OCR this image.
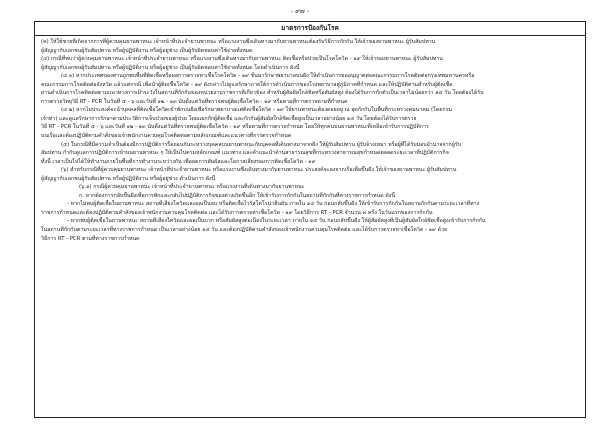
- ๙๗ -
มาตรการป้องกันโรค

(ค) ให้ใช้ชายที่เกิดจากการที่ผู้ควบคุมยานพาหนะ เจ้าหน้าที่ประจำยานพาหนะ หรือแรงงานซึ่งเดินทางมากับยานพาหนะต้องรับวิธีการกักกัน ให้เจ้าของยานพาหนะ ผู้รับสัมปทาน

ผู้สัญญากับเอกชนผู้รับสัมปทาน หรือผู้ปฏิบัติงาน หรือผู้อยู่ช่วง เป็นผู้รับผิดชอบค่าใช้จ่ายทั้งหมด

(๔) กรณีที่พบว่าผู้ควบคุมยานพาหนะ เจ้าหน้าที่ประจำยานพาหนะ หรือแรงงานซึ่งเดินทางมากับยานพาหนะ ติดเชื้อหรือป่วยเป็นโรคโควิด - ๑๙ ให้เจ้าของยานพาหนะ ผู้รับสัมปทาน

ผู้สัญญากับเอกชนผู้รับสัมปทาน หรือผู้ปฏิบัติงาน หรือผู้อยู่ช่วง เป็นผู้รับผิดชอบค่าใช้จ่ายทั้งหมด โดยดำเนินการ ดังนี้

(๔.๑) หากประเทศของท่านถูกพบพื้นที่ติดเชื้อหรือผลการตรวจหาเชื้อโรคโควิด - ๑๙ ขั้นมารักษาพยาบาลบนฝั่ง ให้ดำเนินการขออนุญาตต่อคณะกรรมการโรคติดต่อกรุงเทพมหานครหรือ

คณะกรรมการโรคติดต่อจังหวัด แล้วแต่กรณี เพื่อนำผู้ติดเชื้อโควิด - ๑๙ ดังกล่าวไปดูแลรักษาภายใต้การดำเนินการของโรงพยาบาลสู่ภูมิภาคที่กำหนด และให้ปฏิบัติตามสำหรับผู้ติดเชื้อ

ผ่านดำเนินการโรคติดต่อตามแนวทางการเฝ้าระวังในสถานที่กักกันของหน่วยงานราชการที่เกี่ยวข้อง สำหรับผู้สัมผัสใกล้ชิดหรือสัมผัสสูง ต้องได้รับการกักตัวเป็นเวลาไม่น้อยกว่า ๑๔ วัน โดยต้องได้รับ

การตรวจวิทยุวิธี RT - PCR ในวันที่ ๕ - ๖ และวันที่ ๑๒ - ๑๓ นับตั้งแต่วันที่ตรวจพบผู้ติดเชื้อโควิด - ๑๙ หรือตามที่การตรวจตามที่กำหนด

(๔.๒) หากไม่ประสงค์จะนำบุคคลที่ติดเชื้อโควิดเข้าพักบนฝั่งเพื่อรักษาพยาบาลแต่ติดเชื้อโควิด - ๑๙ ให้ยานพาหนะต้องดอยอยู่ ณ จุดกักกันในพื้นที่กระทรวงคมนาคม (โดยกรม

เจ้าท่า) และดูแลรักษาการรักษาตามประวัติการเจ็บป่วยของผู้ป่วย โดยแยกกักผู้ติดเชื้อ และกักกันผู้สัมผัสใกล้ชิดเชื้อสูงเป็นเวลาอย่างน้อย ๑๔ วัน โดยต้องได้รับการตรวจ

วิธี RT - PCR ในวันที่ ๕ - ๖ และวันที่ ๑๒ - ๑๓ นับตั้งแต่วันที่ตรวจพบผู้ติดเชื้อโควิด - ๑๙ หรือตามที่การตรวจกำหนด โดยให้ทุกคนบนยานพาหนะที่เหลือเข้ารับการปฏิบัติการ

บนเรือและต้องปฏิบัติตามคำสั่งของเจ้าพนักงานควบคุมโรคติดต่อตามหลักเกณฑ์และแนวทางที่การตรวจกำหนด

(๕) ในกรณีที่มีความจำเป็นต้องมีการปฏิบัติการรื้อถอนกันระหว่างบุคคลบนยานพาหนะกับบุคคลที่เดินทางมาจากฝั่ง ให้ผู้รับสัมปทาน ผู้รับจ้างเหมา หรือผู้ที่ได้รับมอบอำนาจจากผู้รับ

สัมปทาน กำกับดูแลการปฏิบัติการเข้าบนยานพาหนะ ๆ ให้เป็นไปตามหลักเกณฑ์ แนวทาง และคำแนะนำด้านสาธารณสุขที่กระทรวงสาธารณสุขกำหนดตลอดระยะเวลาที่ปฏิบัติการกิจ

ทั้งนี้ เวลาเป็นไปได้ให้ทำงานภายในพื้นที่การทำงานระหว่างกัน เพื่อลดการสัมผัสและโอกาสเสี่ยงของการติดเชื้อโควิด - ๑๙

(๖) สำหรับกรณีที่ผู้ควบคุมยานพาหนะ เจ้าหน้าที่ประจำยานพาหนะ หรือแรงงานซึ่งเดินทางมากับยานพาหนะ ประสงค์จะลงจากเรือเพื่อขึ้นฝั่ง ให้เจ้าของยานพาหนะ ผู้รับสัมปทาน

ผู้สัญญากับเอกชนผู้รับสัมปทาน หรือผู้ปฏิบัติงาน หรือผู้อยู่ช่วง ดำเนินการ ดังนี้

(๖.๑) กรณีผู้ควบคุมยานพาหนะ เจ้าหน้าที่ประจำยานพาหนะ หรือแรงงานที่เดินทางมากับยานพาหนะ

ก. หากต้องการกลับขึ้นฝั่งเพื่อการพักและกลับไปปฏิบัติการกิจของต่างเกิดขึ้นอีก ให้เข้ารับการกักกันในสถานที่กักกันที่ทางราชการกำหนด ดังนี้

- หากไม่พบผู้ติดเชื้อในยานพาหนะ สถานที่เสี่ยงโควิดและผลเป็นลบ หรือติดเชื้อไวรัสโคโรน่ายืนยัน ภายใน ๑๔ วัน ก่อนกลับขึ้นฝั่ง ให้เข้ารับการกักกันในสถานกักกันตามระยะเวลาที่ทาง

ราชการกำหนดและต้องปฏิบัติตามคำสั่งของเจ้าพนักงานควบคุมโรคติดต่อ และได้รับการตรวจหาเชื้อโควิด - ๑๙ โดยวิธีการ RT - PCR จำนวน ๓ ครั้ง ในวันแรกของการกักกัน

- หากพบผู้ติดเชื้อในยานพาหนะ สถานที่เสี่ยงโควิดและผลเป็นบวก หรือสัมผัสสูงต่อเนื่องในระยะเวลา ภายใน ๑๔ วัน ก่อนกลับขึ้นฝั่ง ให้ผู้สัมผัสสูงที่เป็นผู้สัมผัสใกล้ชิดเชื้อสูงเข้ารับการกักกัน

ในสถานที่กักกันตามระยะเวลาที่ทางราชการกำหนด เป็นเวลาอย่างน้อย ๑๔ วัน และต้องปฏิบัติตามคำสั่งของเจ้าพนักงานควบคุมโรคติดต่อ และได้รับการตรวจหาเชื้อโควิด - ๑๙ ด้วย

วิธีการ RT - PCR ตามที่ทางราชการกำหนด
